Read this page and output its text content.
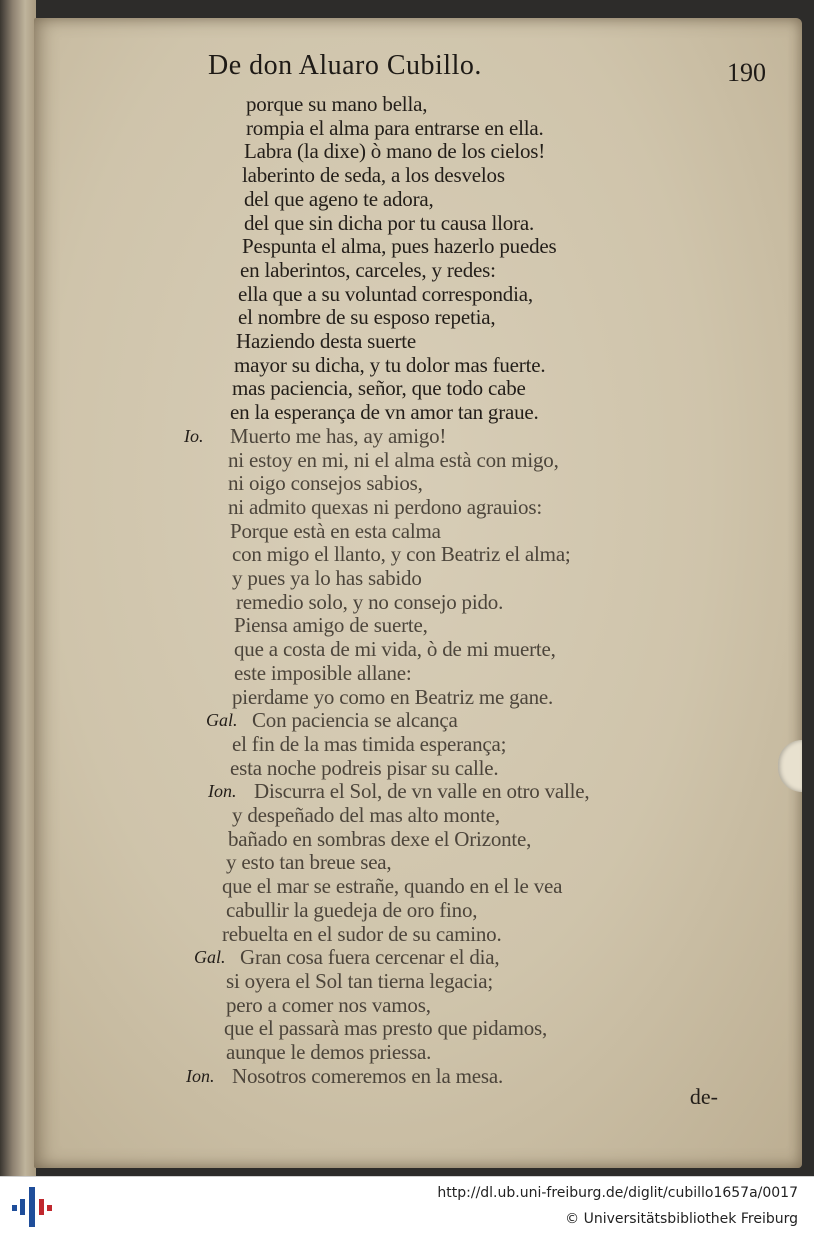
De don Aluaro Cubillo.	190
porque su mano bella,
rompia el alma para entrarse en ella.
Labra (la dixe) ò mano de los cielos!
laberinto de seda, a los desvelos
del que ageno te adora,
del que sin dicha por tu causa llora.
Pespunta el alma, pues hazerlo puedes
en laberintos, carceles, y redes:
ella que a su voluntad correspondia,
el nombre de su esposo repetia,
Haziendo desta suerte
mayor su dicha, y tu dolor mas fuerte.
mas paciencia, señor, que todo cabe
en la esperança de vn amor tan graue.
Io. Muerto me has, ay amigo!
ni estoy en mi, ni el alma està con migo,
ni oigo consejos sabios,
ni admito quexas ni perdono agrauios:
Porque està en esta calma
con migo el llanto, y con Beatriz el alma;
y pues ya lo has sabido
remedio solo, y no consejo pido.
Piensa amigo de suerte,
que a costa de mi vida, ò de mi muerte,
este imposible allane:
pierdame yo como en Beatriz me gane.
Gal. Con paciencia se alcança
el fin de la mas timida esperança;
esta noche podreis pisar su calle.
Ion. Discurra el Sol, de vn valle en otro valle,
y despeñado del mas alto monte,
bañado en sombras dexe el Orizonte,
y esto tan breue sea,
que el mar se estrañe, quando en el le vea
cabullir la guedeja de oro fino,
rebuelta en el sudor de su camino.
Gal. Gran cosa fuera cercenar el dia,
si oyera el Sol tan tierna legacia;
pero a comer nos vamos,
que el passarà mas presto que pidamos,
aunque le demos priessa.
Ion. Nosotros comeremos en la mesa.
de-
http://dl.ub.uni-freiburg.de/diglit/cubillo1657a/0017
© Universitätsbibliothek Freiburg
